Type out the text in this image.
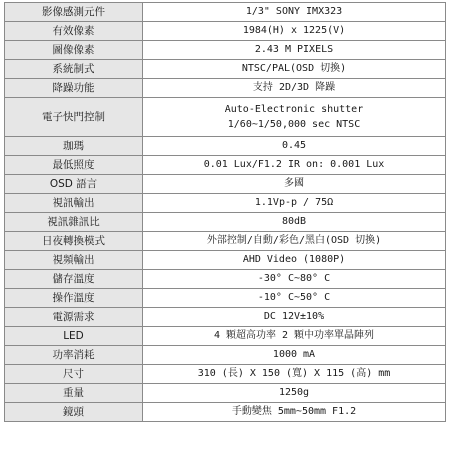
影像感測元件	1/3" SONY IMX323
有效像素	1984(H) x 1225(V)
圖像像素	2.43 M PIXELS
系統制式	NTSC/PAL(OSD 切換)
降躁功能	支持 2D/3D 降躁
電子快門控制	Auto-Electronic shutter
1/60~1/50,000 sec NTSC

珈瑪	0.45
最低照度	0.01 Lux/F1.2 IR on: 0.001 Lux
OSD 語言	多國
視訊輸出	1.1Vp-p / 75Ω
視訊雜訊比	80dB
日夜轉換模式	外部控制/自動/彩色/黑白(OSD 切換)
視頻輸出	AHD Video (1080P)
儲存溫度	-30° C~80° C
操作溫度	-10° C~50° C
電源需求	DC 12V±10%
LED	4 顆超高功率 2 顆中功率單晶陣列
功率消耗	1000 mA
尺寸	310 (長) X 150 (寬) X 115 (高) mm
重量	1250g
鏡頭	手動變焦 5mm~50mm F1.2
